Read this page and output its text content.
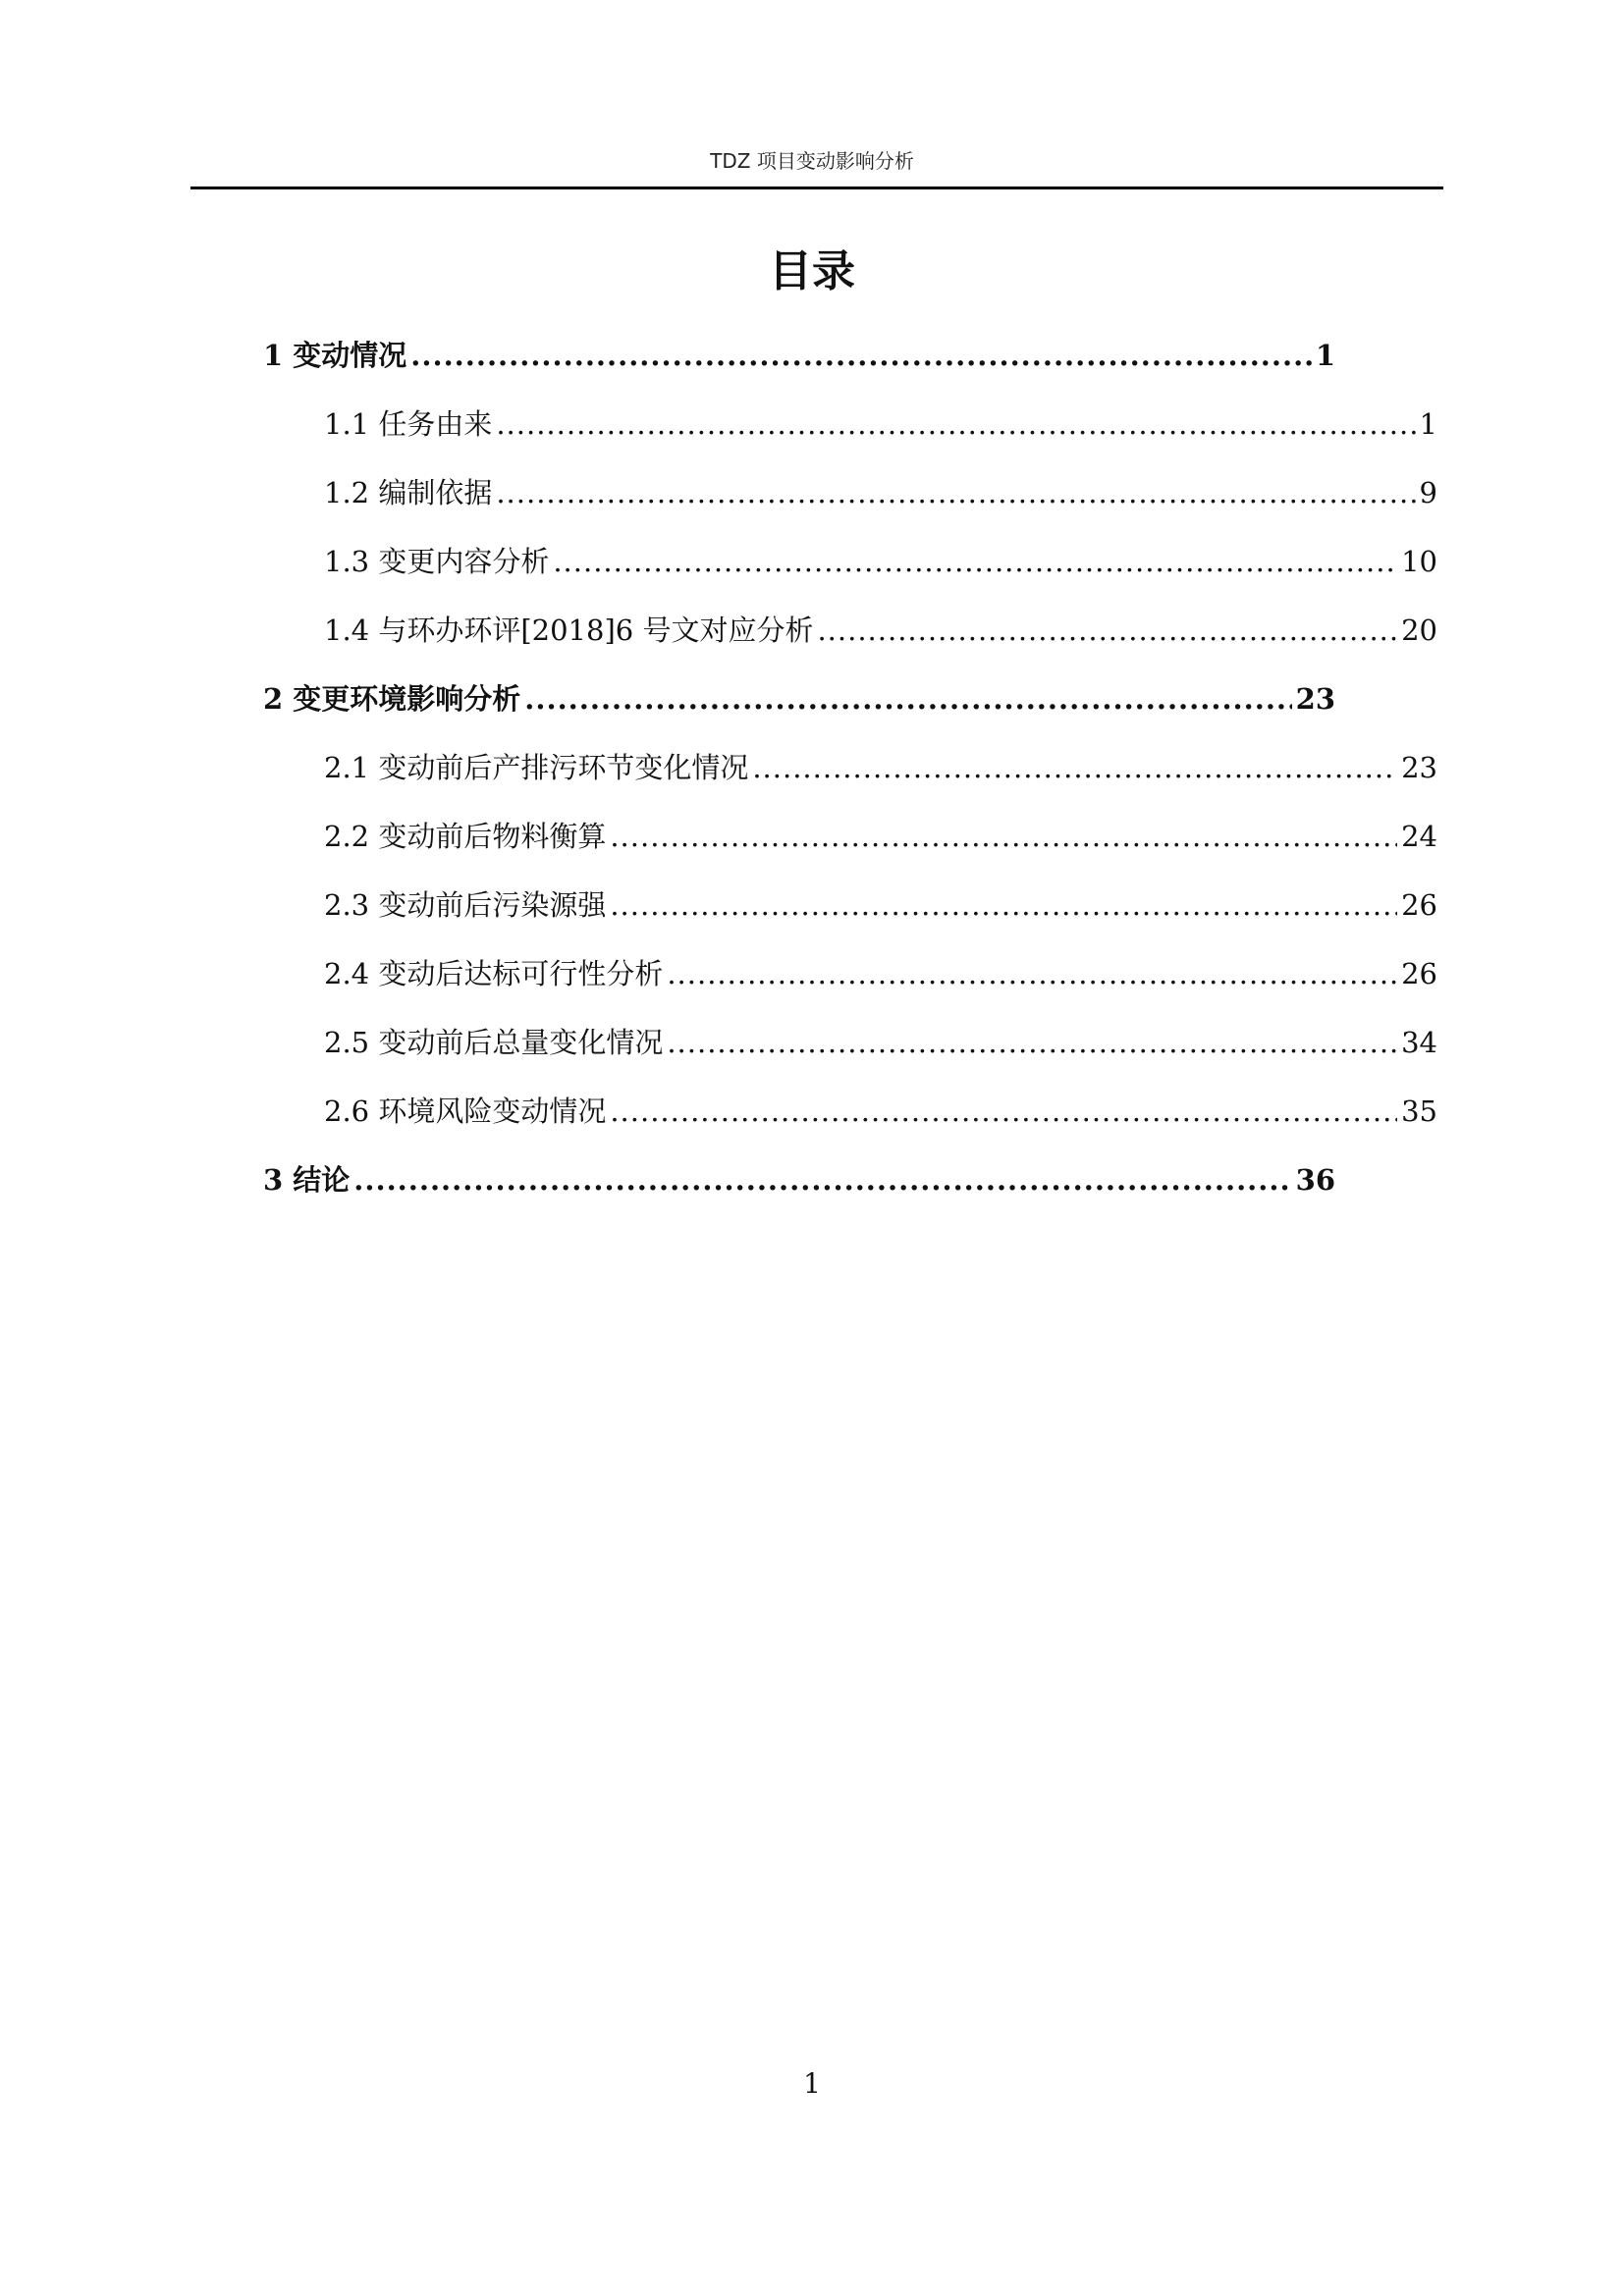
TDZ 项目变动影响分析
目录
1 变动情况 .....	1
1.1 任务由来 .....	1
1.2 编制依据 .....	9
1.3 变更内容分析 .....	10
1.4 与环办环评[2018]6 号文对应分析 .....	20
2 变更环境影响分析 .....	23
2.1 变动前后产排污环节变化情况 .....	23
2.2 变动前后物料衡算 .....	24
2.3 变动前后污染源强 .....	26
2.4 变动后达标可行性分析 .....	26
2.5 变动前后总量变化情况 .....	34
2.6 环境风险变动情况 .....	35
3 结论 .....	36
1
